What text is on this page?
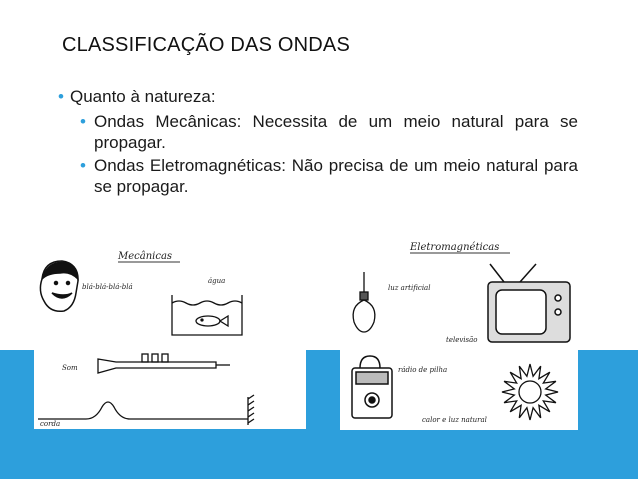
CLASSIFICAÇÃO DAS ONDAS
• Quanto à natureza:
• Ondas Mecânicas: Necessita de um meio natural para se propagar.
• Ondas Eletromagnéticas: Não precisa de um meio natural para se propagar.
Mecânicas
blá-blá-blá-blá
água
Som
corda
Eletromagnéticas
luz artificial
televisão
rádio de pilha
calor e luz natural
